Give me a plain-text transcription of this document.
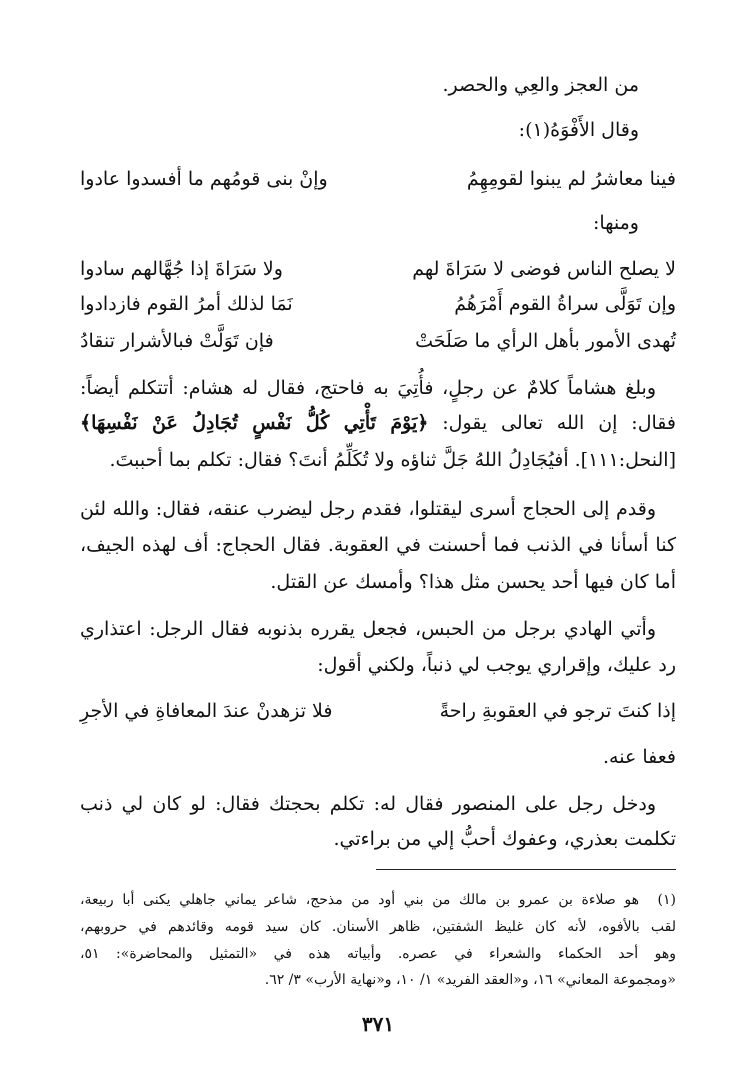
من العجز والعِي والحصر.
وقال الأَفْوَهُ(١):
فينا معاشرُ لم يبنوا لقومِهِمُ
وإنْ بنى قومُهم ما أفسدوا عادوا
ومنها:
لا يصلح الناس فوضى لا سَرَاةَ لهم
ولا سَرَاةَ إذا جُهَّالهم سادوا
وإن تَوَلَّى سراةُ القوم أَمْرَهُمُ
نَمَا لذلك أمرُ القوم فازدادوا
تُهدى الأمور بأهل الرأي ما صَلَحَتْ
فإن تَوَلَّتْ فبالأشرار تنقادُ
وبلغ هشاماً كلامٌ عن رجلٍ، فأُتِيَ به فاحتج، فقال له هشام: أتتكلم أيضاً:
فقال: إن الله تعالى يقول: ﴿يَوْمَ تَأْتِي كُلُّ نَفْسٍ تُجَادِلُ عَنْ نَفْسِهَا﴾
[النحل:١١١]. أفيُجَادِلُ اللهُ جَلَّ ثناؤه ولا تُكَلِّمُ أنتَ؟ فقال: تكلم بما أحببتَ.
وقدم إلى الحجاج أسرى ليقتلوا، فقدم رجل ليضرب عنقه، فقال: والله لئن
كنا أسأنا في الذنب فما أحسنت في العقوبة. فقال الحجاج: أف لهذه الجيف،
أما كان فيها أحد يحسن مثل هذا؟ وأمسك عن القتل.
وأتي الهادي برجل من الحبس، فجعل يقرره بذنوبه فقال الرجل: اعتذاري
رد عليك، وإقراري يوجب لي ذنباً، ولكني أقول:
إذا كنتَ ترجو في العقوبةِ راحةً
فلا تزهدنْ عندَ المعافاةِ في الأجرِ
فعفا عنه.
ودخل رجل على المنصور فقال له: تكلم بحجتك فقال: لو كان لي ذنب
تكلمت بعذري، وعفوك أحبُّ إلي من براءتي.
(١)
هو صلاءة بن عمرو بن مالك من بني أود من مذحج، شاعر يماني جاهلي يكنى أبا ربيعة،
لقب بالأفوه، لأنه كان غليظ الشفتين، ظاهر الأسنان. كان سيد قومه وقائدهم في حروبهم،
وهو أحد الحكماء والشعراء في عصره. وأبياته هذه في «التمثيل والمحاضرة»: ٥١،
«ومجموعة المعاني» ١٦، و«العقد الفريد» ١/ ١٠، و«نهاية الأرب» ٣/ ٦٢.
٣٧١
